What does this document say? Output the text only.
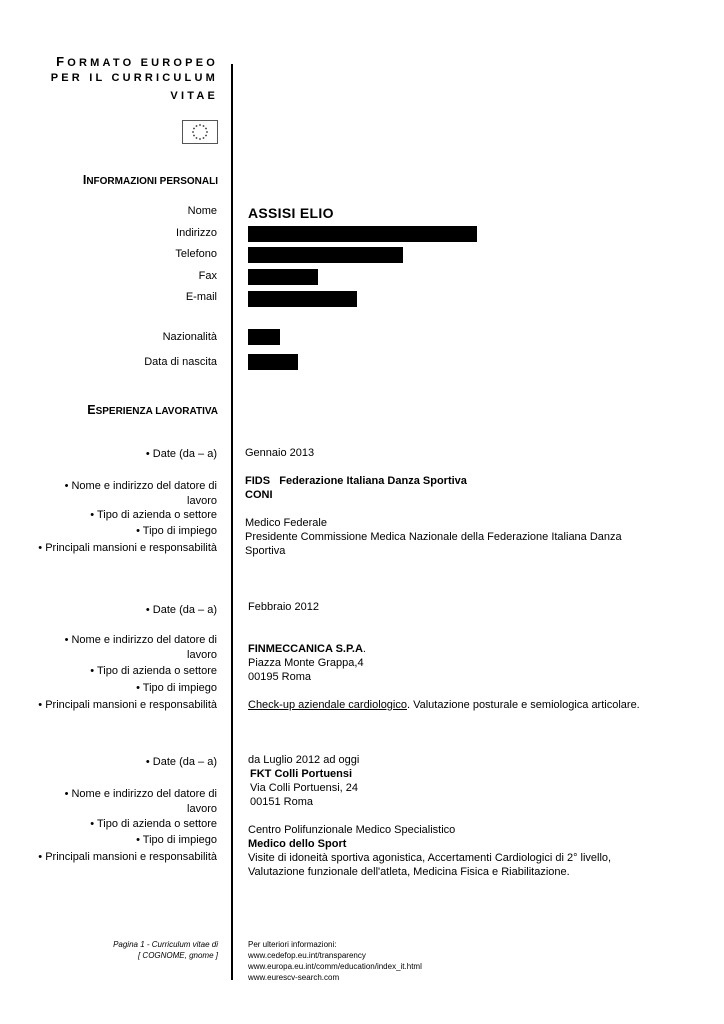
FORMATO EUROPEO
PER IL CURRICULUM
VITAE
INFORMAZIONI PERSONALI
Nome ASSISI ELIO
Indirizzo
Telefono
Fax
E-mail
Nazionalità
Data di nascita
ESPERIENZA LAVORATIVA
• Date (da – a)
• Nome e indirizzo del datore di lavoro
• Tipo di azienda o settore
• Tipo di impiego
• Principali mansioni e responsabilità
Gennaio 2013
FIDS Federazione Italiana Danza Sportiva
CONI
Medico Federale
Presidente Commissione Medica Nazionale della Federazione Italiana Danza
Sportiva
• Date (da – a)
• Nome e indirizzo del datore di lavoro
• Tipo di azienda o settore
• Tipo di impiego
• Principali mansioni e responsabilità
Febbraio 2012
FINMECCANICA S.P.A.
Piazza Monte Grappa,4
00195 Roma
Check-up aziendale cardiologico. Valutazione posturale e semiologica articolare.
• Date (da – a)
• Nome e indirizzo del datore di lavoro
• Tipo di azienda o settore
• Tipo di impiego
• Principali mansioni e responsabilità
da Luglio 2012 ad oggi
FKT Colli Portuensi
Via Colli Portuensi, 24
00151 Roma
Centro Polifunzionale Medico Specialistico
Medico dello Sport
Visite di idoneità sportiva agonistica, Accertamenti Cardiologici di 2° livello,
Valutazione funzionale dell'atleta, Medicina Fisica e Riabilitazione.
Pagina 1 - Curriculum vitae di
[ COGNOME, gnome ]
Per ulteriori informazioni:
www.cedefop.eu.int/transparency
www.europa.eu.int/comm/education/index_it.html
www.eurescv-search.com
